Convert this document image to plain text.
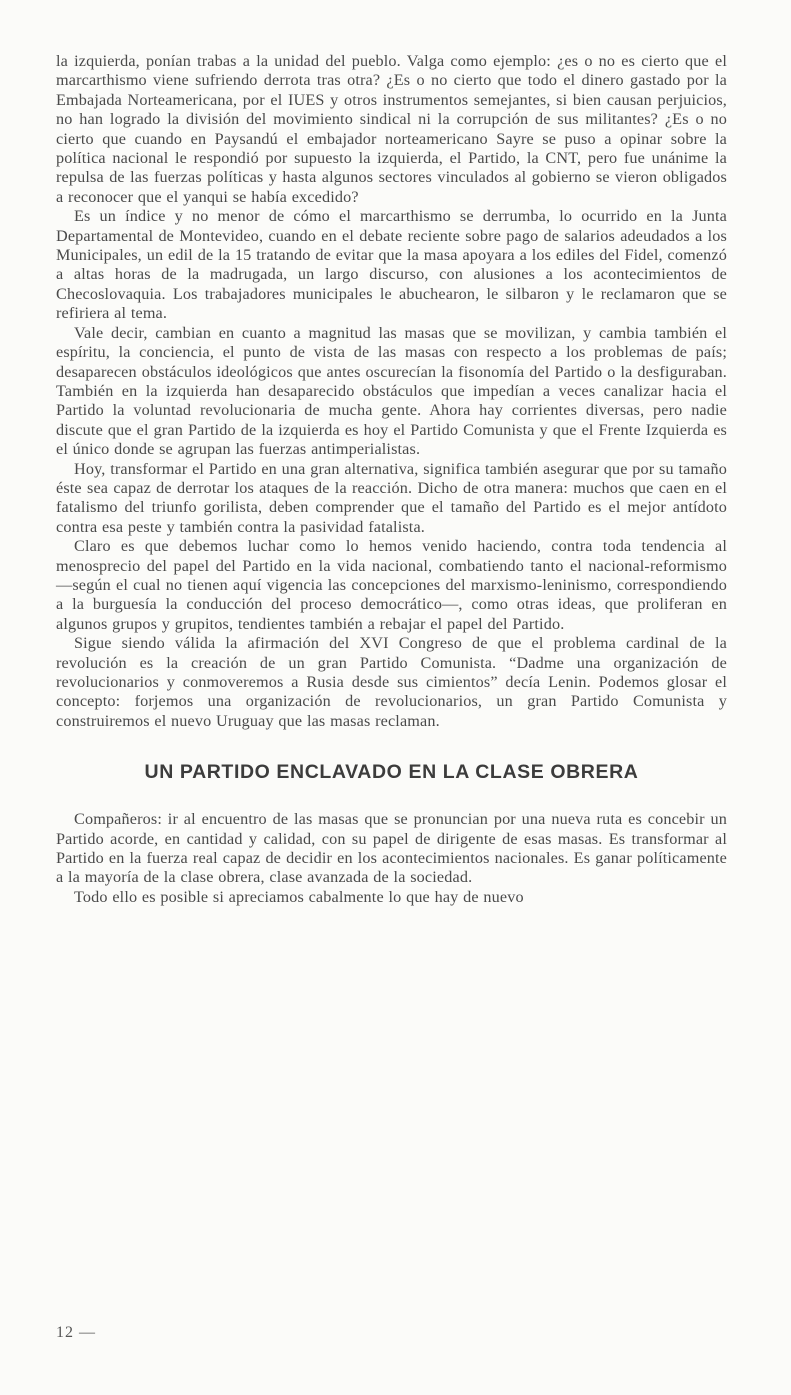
la izquierda, ponían trabas a la unidad del pueblo. Valga como ejemplo: ¿es o no es cierto que el marcarthismo viene sufriendo derrota tras otra? ¿Es o no cierto que todo el dinero gastado por la Embajada Norteamericana, por el IUES y otros instrumentos semejantes, si bien causan perjuicios, no han logrado la división del movimiento sindical ni la corrupción de sus militantes? ¿Es o no cierto que cuando en Paysandú el embajador norteamericano Sayre se puso a opinar sobre la política nacional le respondió por supuesto la izquierda, el Partido, la CNT, pero fue unánime la repulsa de las fuerzas políticas y hasta algunos sectores vinculados al gobierno se vieron obligados a reconocer que el yanqui se había excedido?

Es un índice y no menor de cómo el marcarthismo se derrumba, lo ocurrido en la Junta Departamental de Montevideo, cuando en el debate reciente sobre pago de salarios adeudados a los Municipales, un edil de la 15 tratando de evitar que la masa apoyara a los ediles del Fidel, comenzó a altas horas de la madrugada, un largo discurso, con alusiones a los acontecimientos de Checoslovaquia. Los trabajadores municipales le abuchearon, le silbaron y le reclamaron que se refiriera al tema.

Vale decir, cambian en cuanto a magnitud las masas que se movilizan, y cambia también el espíritu, la conciencia, el punto de vista de las masas con respecto a los problemas de país; desaparecen obstáculos ideológicos que antes oscurecían la fisonomía del Partido o la desfiguraban. También en la izquierda han desaparecido obstáculos que impedían a veces canalizar hacia el Partido la voluntad revolucionaria de mucha gente. Ahora hay corrientes diversas, pero nadie discute que el gran Partido de la izquierda es hoy el Partido Comunista y que el Frente Izquierda es el único donde se agrupan las fuerzas antimperialistas.

Hoy, transformar el Partido en una gran alternativa, significa también asegurar que por su tamaño éste sea capaz de derrotar los ataques de la reacción. Dicho de otra manera: muchos que caen en el fatalismo del triunfo gorilista, deben comprender que el tamaño del Partido es el mejor antídoto contra esa peste y también contra la pasividad fatalista.

Claro es que debemos luchar como lo hemos venido haciendo, contra toda tendencia al menosprecio del papel del Partido en la vida nacional, combatiendo tanto el nacional-reformismo —según el cual no tienen aquí vigencia las concepciones del marxismo-leninismo, correspondiendo a la burguesía la conducción del proceso democrático—, como otras ideas, que proliferan en algunos grupos y grupitos, tendientes también a rebajar el papel del Partido.

Sigue siendo válida la afirmación del XVI Congreso de que el problema cardinal de la revolución es la creación de un gran Partido Comunista. “Dadme una organización de revolucionarios y conmoveremos a Rusia desde sus cimientos” decía Lenin. Podemos glosar el concepto: forjemos una organización de revolucionarios, un gran Partido Comunista y construiremos el nuevo Uruguay que las masas reclaman.

UN PARTIDO ENCLAVADO EN LA CLASE OBRERA

Compañeros: ir al encuentro de las masas que se pronuncian por una nueva ruta es concebir un Partido acorde, en cantidad y calidad, con su papel de dirigente de esas masas. Es transformar al Partido en la fuerza real capaz de decidir en los acontecimientos nacionales. Es ganar políticamente a la mayoría de la clase obrera, clase avanzada de la sociedad.

Todo ello es posible si apreciamos cabalmente lo que hay de nuevo

12 —
